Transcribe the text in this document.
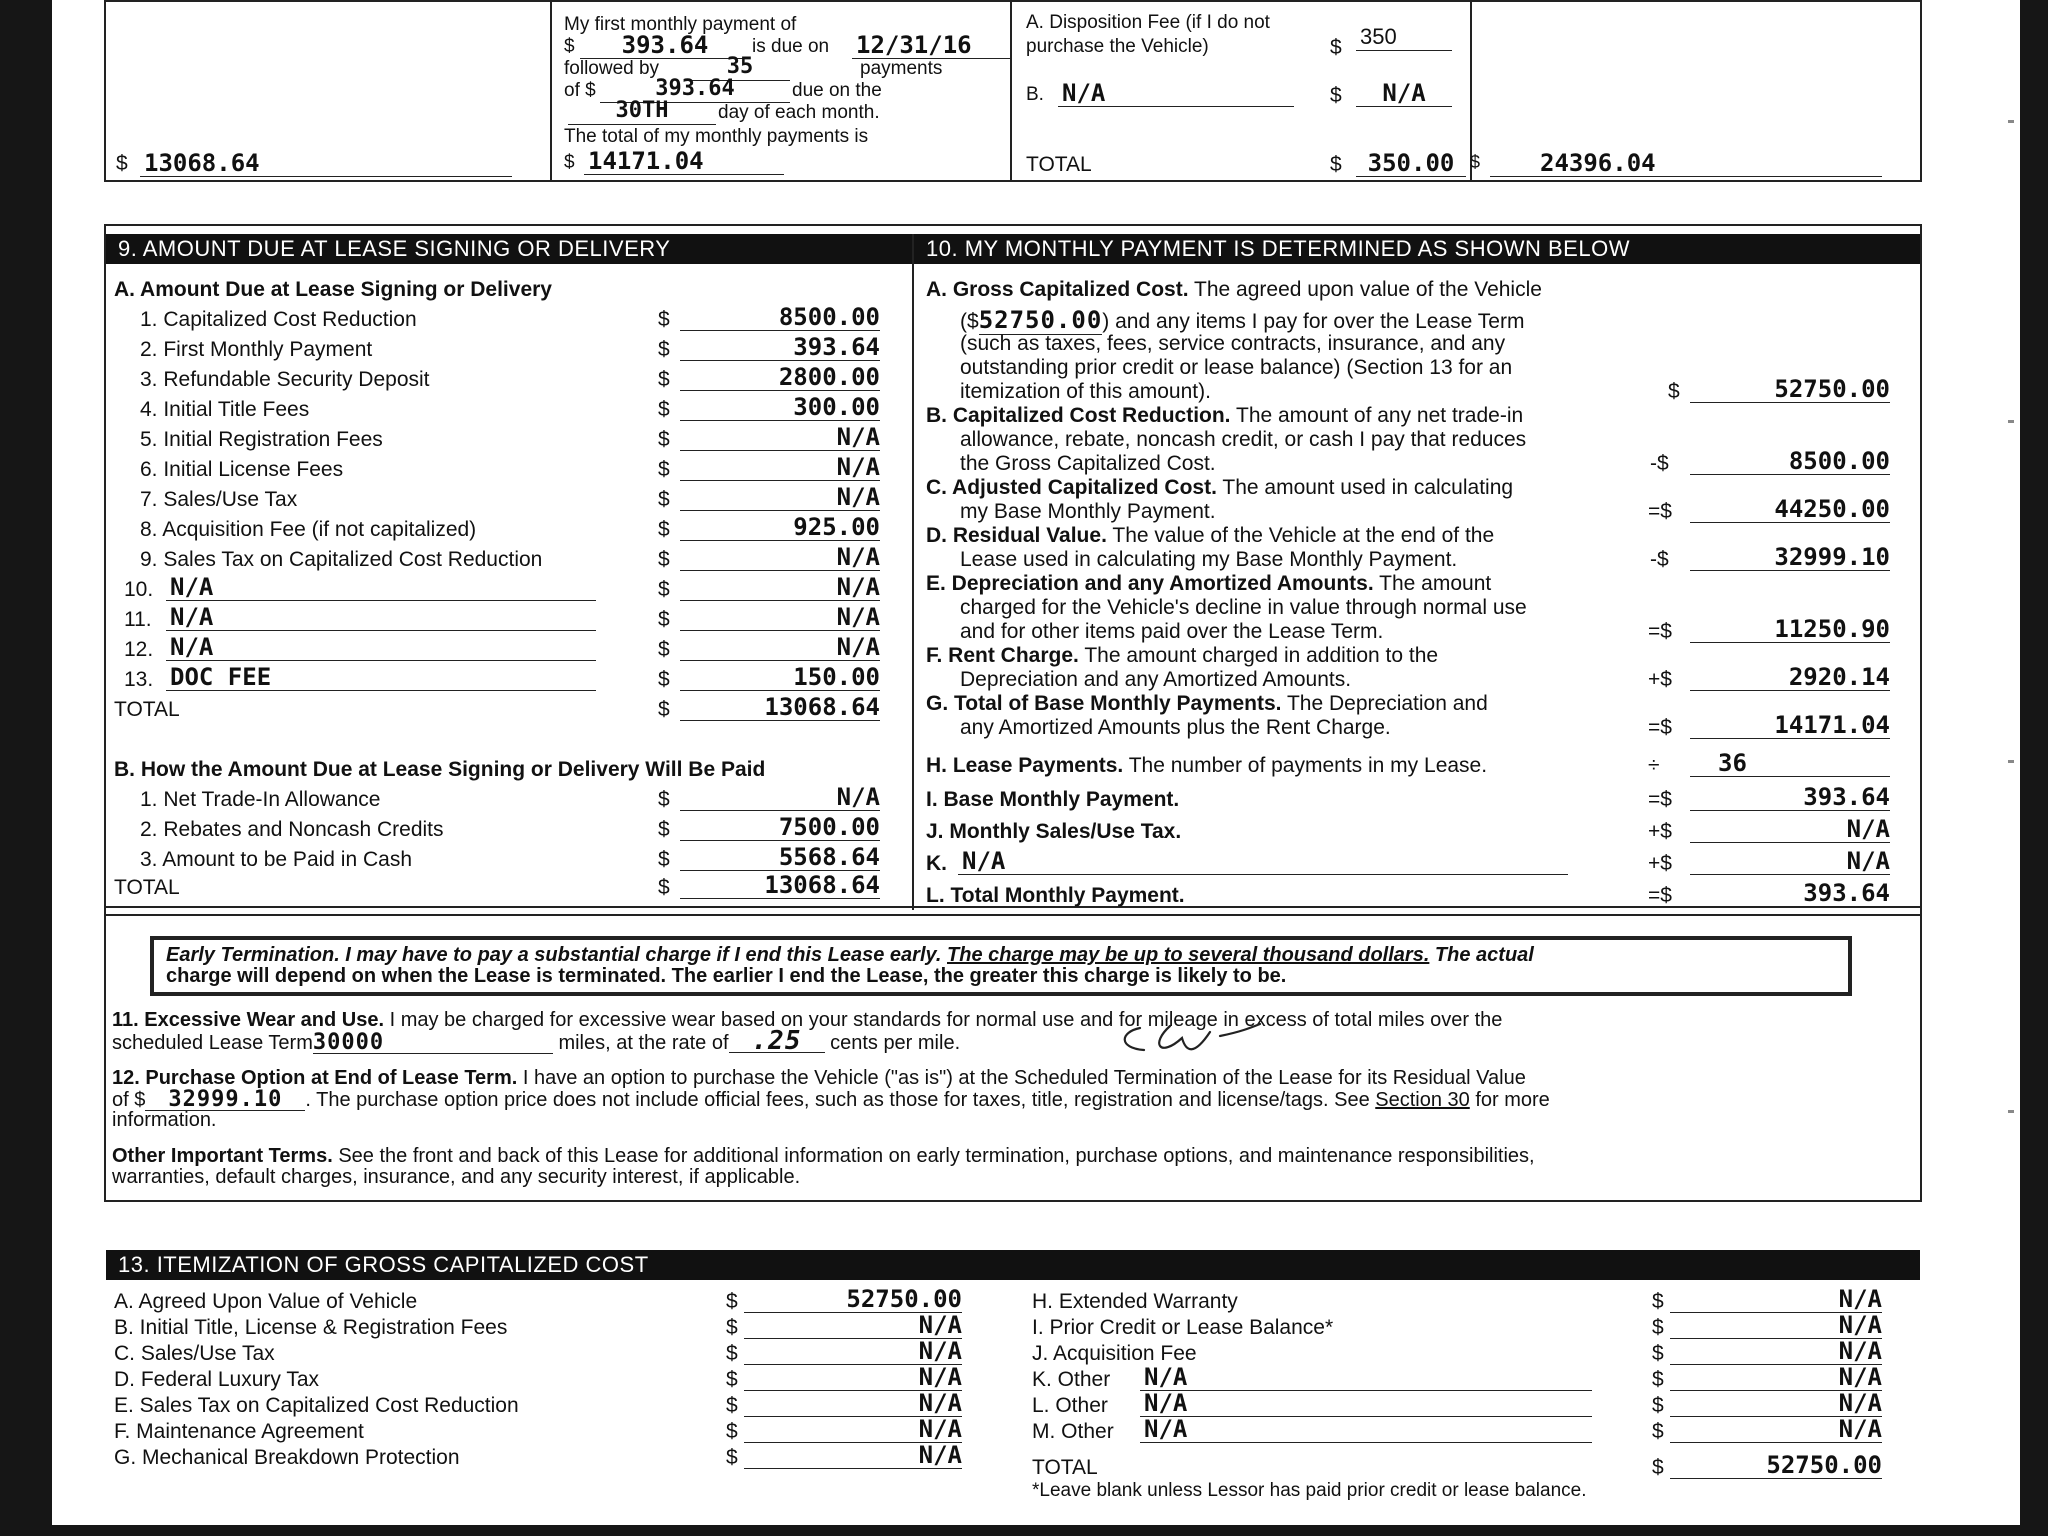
$ 13068.64
My first monthly payment of
$	393.64	is due on 12/31/16
followed by	35	payments
of $	393.64	due on the
30TH	day of each month.
The total of my monthly payments is
$ 14171.04
A. Disposition Fee (if I do not
purchase the Vehicle)	$ 350
B. N/A	$	N/A
TOTAL	$	350.00 $	24396.04
9. AMOUNT DUE AT LEASE SIGNING OR DELIVERY	10. MY MONTHLY PAYMENT IS DETERMINED AS SHOWN BELOW
A. Amount Due at Lease Signing or Delivery
1. Capitalized Cost Reduction	$	8500.00
2. First Monthly Payment	$	393.64
3. Refundable Security Deposit	$	2800.00
4. Initial Title Fees	$	300.00
5. Initial Registration Fees	$	N/A
6. Initial License Fees	$	N/A
7. Sales/Use Tax	$	N/A
8. Acquisition Fee (if not capitalized)	$	925.00
9. Sales Tax on Capitalized Cost Reduction	$	N/A
10. N/A	$	N/A
11. N/A	$	N/A
12. N/A	$	N/A
13. DOC FEE	$	150.00
TOTAL	$	13068.64
B. How the Amount Due at Lease Signing or Delivery Will Be Paid
1. Net Trade-In Allowance	$	N/A
2. Rebates and Noncash Credits	$	7500.00
3. Amount to be Paid in Cash	$	5568.64
TOTAL	$	13068.64
A. Gross Capitalized Cost. The agreed upon value of the Vehicle
($52750.00) and any items I pay for over the Lease Term
(such as taxes, fees, service contracts, insurance, and any
outstanding prior credit or lease balance) (Section 13 for an
itemization of this amount).	$	52750.00
B. Capitalized Cost Reduction. The amount of any net trade-in
allowance, rebate, noncash credit, or cash I pay that reduces
the Gross Capitalized Cost.	-$	8500.00
C. Adjusted Capitalized Cost. The amount used in calculating
my Base Monthly Payment.	=$	44250.00
D. Residual Value. The value of the Vehicle at the end of the
Lease used in calculating my Base Monthly Payment.	-$	32999.10
E. Depreciation and any Amortized Amounts. The amount
charged for the Vehicle's decline in value through normal use
and for other items paid over the Lease Term.	=$	11250.90
F. Rent Charge. The amount charged in addition to the
Depreciation and any Amortized Amounts.	+$	2920.14
G. Total of Base Monthly Payments. The Depreciation and
any Amortized Amounts plus the Rent Charge.	=$	14171.04
H. Lease Payments. The number of payments in my Lease.	÷	36
I. Base Monthly Payment.	=$	393.64
J. Monthly Sales/Use Tax.	+$	N/A
K. N/A	+$	N/A
L. Total Monthly Payment.	=$	393.64
Early Termination. I may have to pay a substantial charge if I end this Lease early. The charge may be up to several thousand dollars. The actual
charge will depend on when the Lease is terminated. The earlier I end the Lease, the greater this charge is likely to be.
11. Excessive Wear and Use. I may be charged for excessive wear based on your standards for normal use and for mileage in excess of total miles over the
scheduled Lease Term30000	miles, at the rate of .25 cents per mile.
12. Purchase Option at End of Lease Term. I have an option to purchase the Vehicle ("as is") at the Scheduled Termination of the Lease for its Residual Value
of $ 32999.10 . The purchase option price does not include official fees, such as those for taxes, title, registration and license/tags. See Section 30 for more
information.
Other Important Terms. See the front and back of this Lease for additional information on early termination, purchase options, and maintenance responsibilities,
warranties, default charges, insurance, and any security interest, if applicable.
13. ITEMIZATION OF GROSS CAPITALIZED COST
A. Agreed Upon Value of Vehicle	$	52750.00
B. Initial Title, License & Registration Fees	$	N/A
C. Sales/Use Tax	$	N/A
D. Federal Luxury Tax	$	N/A
E. Sales Tax on Capitalized Cost Reduction	$	N/A
F. Maintenance Agreement	$	N/A
G. Mechanical Breakdown Protection	$	N/A
H. Extended Warranty	$	N/A
I. Prior Credit or Lease Balance*	$	N/A
J. Acquisition Fee	$	N/A
K. Other N/A	$	N/A
L. Other N/A	$	N/A
M. Other N/A	$	N/A
TOTAL	$	52750.00
*Leave blank unless Lessor has paid prior credit or lease balance.
